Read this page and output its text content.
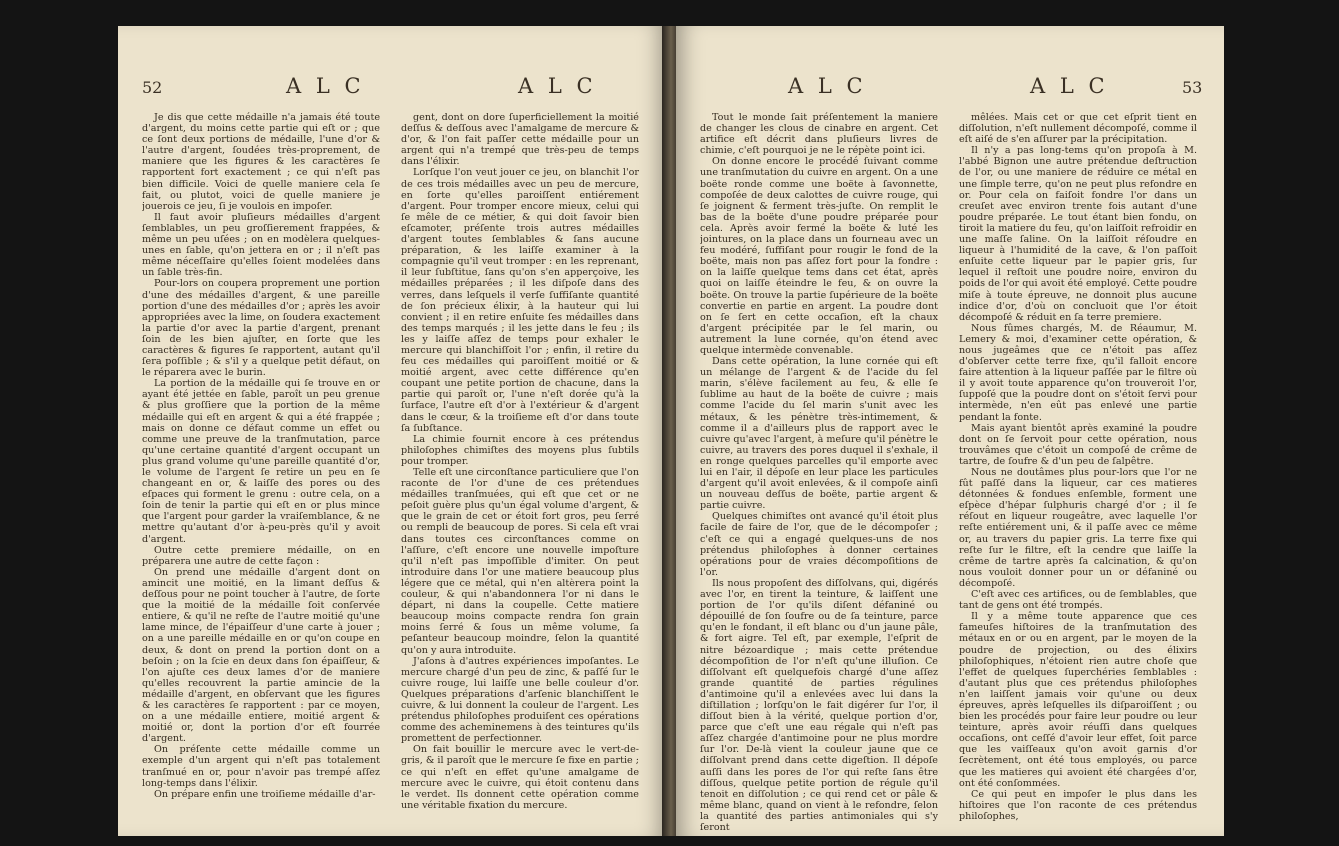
52	A L C	A L C

Je dis que cette médaille n'a jamais été toute d'argent, du moins cette partie qui eſt or ; que ce ſont deux portions de médaille, l'une d'or & l'autre d'argent, ſoudées très-proprement, de maniere que les figures & les caractères ſe rapportent fort exactement ; ce qui n'eſt pas bien difficile. Voici de quelle maniere cela ſe fait, ou plutot, voici de quelle maniere je jouerois ce jeu, ſi je voulois en impoſer.

Il faut avoir pluſieurs médailles d'argent ſemblables, un peu groſſierement frappées, & même un peu uſées ; on en modèlera quelques-unes en ſable, qu'on jettera en or ; il n'eſt pas même néceſſaire qu'elles ſoient modelées dans un ſable très-fin.

Pour-lors on coupera proprement une portion d'une des médailles d'argent, & une pareille portion d'une des médailles d'or ; après les avoir appropriées avec la lime, on ſoudera exactement la partie d'or avec la partie d'argent, prenant ſoin de les bien ajuſter, en ſorte que les caractères & figures ſe rapportent, autant qu'il ſera poſſible ; & s'il y a quelque petit défaut, on le réparera avec le burin.

La portion de la médaille qui ſe trouve en or ayant été jettée en ſable, paroît un peu grenue & plus groſſiere que la portion de la même médaille qui eſt en argent & qui a été frappée ; mais on donne ce défaut comme un effet ou comme une preuve de la tranſmutation, parce qu'une certaine quantité d'argent occupant un plus grand volume qu'une pareille quantité d'or, le volume de l'argent ſe retire un peu en ſe changeant en or, & laiſſe des pores ou des eſpaces qui forment le grenu : outre cela, on a ſoin de tenir la partie qui eſt en or plus mince que l'argent pour garder la vraiſemblance, & ne mettre qu'autant d'or à-peu-près qu'il y avoit d'argent.

Outre cette premiere médaille, on en préparera une autre de cette façon :

On prend une médaille d'argent dont on amincit une moitié, en la limant deſſus & deſſous pour ne point toucher à l'autre, de ſorte que la moitié de la médaille ſoit conſervée entiere, & qu'il ne reſte de l'autre moitié qu'une lame mince, de l'épaiſſeur d'une carte à jouer ; on a une pareille médaille en or qu'on coupe en deux, & dont on prend la portion dont on a beſoin ; on la ſcie en deux dans ſon épaiſſeur, & l'on ajuſte ces deux lames d'or de maniere qu'elles recouvrent la partie amincie de la médaille d'argent, en obſervant que les figures & les caractères ſe rapportent : par ce moyen, on a une médaille entiere, moitié argent & moitié or, dont la portion d'or eſt fourrée d'argent.

On préſente cette médaille comme un exemple d'un argent qui n'eſt pas totalement tranſmué en or, pour n'avoir pas trempé aſſez long-temps dans l'élixir.

On prépare enfin une troiſieme médaille d'ar-

gent, dont on dore ſuperficiellement la moitié deſſus & deſſous avec l'amalgame de mercure & d'or, & l'on fait paſſer cette médaille pour un argent qui n'a trempé que très-peu de temps dans l'élixir.

Lorſque l'on veut jouer ce jeu, on blanchit l'or de ces trois médailles avec un peu de mercure, en ſorte qu'elles paroiſſent entiérement d'argent. Pour tromper encore mieux, celui qui ſe mêle de ce métier, & qui doit ſavoir bien eſcamoter, préſente trois autres médailles d'argent toutes ſemblables & ſans aucune préparation, & les laiſſe examiner à la compagnie qu'il veut tromper : en les reprenant, il leur ſubſtitue, ſans qu'on s'en apperçoive, les médailles préparées ; il les diſpoſe dans des verres, dans leſquels il verſe ſuffiſante quantité de ſon précieux élixir, à la hauteur qui lui convient ; il en retire enſuite ſes médailles dans des temps marqués ; il les jette dans le feu ; ils les y laiſſe aſſez de temps pour exhaler le mercure qui blanchiſſoit l'or ; enfin, il retire du feu ces médailles qui paroiſſent moitié or & moitié argent, avec cette différence qu'en coupant une petite portion de chacune, dans la partie qui paroît or, l'une n'eſt dorée qu'à la ſurface, l'autre eſt d'or à l'extérieur & d'argent dans le cœur, & la troiſieme eſt d'or dans toute ſa ſubſtance.

La chimie fournit encore à ces prétendus philoſophes chimiſtes des moyens plus ſubtils pour tromper.

Telle eſt une circonſtance particuliere que l'on raconte de l'or d'une de ces prétendues médailles tranſmuées, qui eſt que cet or ne peſoit guère plus qu'un égal volume d'argent, & que le grain de cet or étoit fort gros, peu ſerré ou rempli de beaucoup de pores. Si cela eſt vrai dans toutes ces circonſtances comme on l'aſſure, c'eſt encore une nouvelle impoſture qu'il n'eſt pas impoſſible d'imiter. On peut introduire dans l'or une matiere beaucoup plus légere que ce métal, qui n'en altèrera point la couleur, & qui n'abandonnera l'or ni dans le départ, ni dans la coupelle. Cette matiere beaucoup moins compacte rendra ſon grain moins ſerré & ſous un même volume, ſa peſanteur beaucoup moindre, ſelon la quantité qu'on y aura introduite.

J'aſons à d'autres expériences impoſantes. Le mercure chargé d'un peu de zinc, & paſſé ſur le cuivre rouge, lui laiſſe une belle couleur d'or. Quelques préparations d'arſenic blanchiſſent le cuivre, & lui donnent la couleur de l'argent. Les prétendus philoſophes produiſent ces opérations comme des acheminemens à des teintures qu'ils promettent de perfectionner.

On fait bouillir le mercure avec le vert-de-gris, & il paroît que le mercure ſe fixe en partie ; ce qui n'eſt en effet qu'une amalgame de mercure avec le cuivre, qui étoit contenu dans le verdet. Ils donnent cette opération comme une véritable fixation du mercure.

A L C	A L C	53

Tout le monde ſait préſentement la maniere de changer les clous de cinabre en argent. Cet artifice eſt décrit dans pluſieurs livres de chimie, c'eſt pourquoi je ne le répète point ici.

On donne encore le procédé ſuivant comme une tranſmutation du cuivre en argent. On a une boëte ronde comme une boëte à ſavonnette, compoſée de deux calottes de cuivre rouge, qui ſe joignent & ferment très-juſte. On remplit le bas de la boëte d'une poudre préparée pour cela. Après avoir fermé la boëte & luté les jointures, on la place dans un fourneau avec un feu modéré, ſuffiſant pour rougir le fond de la boëte, mais non pas aſſez fort pour la fondre : on la laiſſe quelque tems dans cet état, après quoi on laiſſe éteindre le feu, & on ouvre la boëte. On trouve la partie ſupérieure de la boëte convertie en partie en argent. La poudre dont on ſe ſert en cette occaſion, eſt la chaux d'argent précipitée par le ſel marin, ou autrement la lune cornée, qu'on étend avec quelque intermède convenable.

Dans cette opération, la lune cornée qui eſt un mélange de l'argent & de l'acide du ſel marin, s'élève facilement au feu, & elle ſe ſublime au haut de la boëte de cuivre ; mais comme l'acide du ſel marin s'unit avec les métaux, & les pénètre très-intimement, & comme il a d'ailleurs plus de rapport avec le cuivre qu'avec l'argent, à meſure qu'il pénètre le cuivre, au travers des pores duquel il s'exhale, il en ronge quelques parcelles qu'il emporte avec lui en l'air, il dépoſe en leur place les particules d'argent qu'il avoit enlevées, & il compoſe ainſi un nouveau deſſus de boëte, partie argent & partie cuivre.

Quelques chimiſtes ont avancé qu'il étoit plus facile de faire de l'or, que de le décompoſer ; c'eſt ce qui a engagé quelques-uns de nos prétendus philoſophes à donner certaines opérations pour de vraies décompoſitions de l'or.

Ils nous propoſent des diſſolvans, qui, digérés avec l'or, en tirent la teinture, & laiſſent une portion de l'or qu'ils diſent défaniné ou dépouillé de ſon ſoufre ou de ſa teinture, parce qu'en le fondant, il eſt blanc ou d'un jaune pâle, & fort aigre. Tel eſt, par exemple, l'eſprit de nitre bézoardique ; mais cette prétendue décompoſition de l'or n'eſt qu'une illuſion. Ce diſſolvant eſt quelquefois chargé d'une aſſez grande quantité de parties régulines d'antimoine qu'il a enlevées avec lui dans la diſtillation ; lorſqu'on le fait digérer ſur l'or, il diſſout bien à la vérité, quelque portion d'or, parce que c'eſt une eau régale qui n'eſt pas aſſez chargée d'antimoine pour ne plus mordre ſur l'or. De-là vient la couleur jaune que ce diſſolvant prend dans cette digeſtion. Il dépoſe auſſi dans les pores de l'or qui reſte ſans être diſſous, quelque petite portion de régule qu'il tenoit en diſſolution ; ce qui rend cet or pâle & même blanc, quand on vient à le refondre, ſelon la quantité des parties antimoniales qui s'y ſeront

mêlées. Mais cet or que cet eſprit tient en diſſolution, n'eſt nullement décompoſé, comme il eſt aiſé de s'en aſſurer par la précipitation.

Il n'y a pas long-tems qu'on propoſa à M. l'abbé Bignon une autre prétendue deſtruction de l'or, ou une maniere de réduire ce métal en une ſimple terre, qu'on ne peut plus refondre en or. Pour cela on faiſoit fondre l'or dans un creuſet avec environ trente fois autant d'une poudre préparée. Le tout étant bien fondu, on tiroit la matiere du feu, qu'on laiſſoit refroidir en une maſſe ſaline. On la laiſſoit réſoudre en liqueur à l'humidité de la cave, & l'on paſſoit enſuite cette liqueur par le papier gris, ſur lequel il reſtoit une poudre noire, environ du poids de l'or qui avoit été employé. Cette poudre miſe à toute épreuve, ne donnoit plus aucune indice d'or, d'où on concluoit que l'or étoit décompoſé & réduit en ſa terre premiere.

Nous fûmes chargés, M. de Réaumur, M. Lemery & moi, d'examiner cette opération, & nous jugeâmes que ce n'étoit pas aſſez d'obſerver cette terre fixe, qu'il falloit encore faire attention à la liqueur paſſée par le filtre où il y avoit toute apparence qu'on trouveroit l'or, ſuppoſé que la poudre dont on s'étoit ſervi pour intermède, n'en eût pas enlevé une partie pendant la fonte.

Mais ayant bientôt après examiné la poudre dont on ſe ſervoit pour cette opération, nous trouvâmes que c'étoit un compoſé de crême de tartre, de ſoufre & d'un peu de ſalpêtre.

Nous ne doutâmes plus pour-lors que l'or ne fût paſſé dans la liqueur, car ces matieres détonnées & fondues enſemble, forment une eſpèce d'hépar ſulphuris chargé d'or ; il ſe réſout en liqueur rougeâtre, avec laquelle l'or reſte entiérement uni, & il paſſe avec ce même or, au travers du papier gris. La terre fixe qui reſte ſur le filtre, eſt la cendre que laiſſe la crême de tartre après ſa calcination, & qu'on nous vouloit donner pour un or défaniné ou décompoſé.

C'eſt avec ces artifices, ou de ſemblables, que tant de gens ont été trompés.

Il y a même toute apparence que ces fameuſes hiſtoires de la tranſmutation des métaux en or ou en argent, par le moyen de la poudre de projection, ou des élixirs philoſophiques, n'étoient rien autre choſe que l'effet de quelques ſuperchéries ſemblables : d'autant plus que ces prétendus philoſophes n'en laiſſent jamais voir qu'une ou deux épreuves, après leſquelles ils diſparoiſſent ; ou bien les procédés pour faire leur poudre ou leur teinture, après avoir réuſſi dans quelques occaſions, ont ceſſé d'avoir leur effet, ſoit parce que les vaiſſeaux qu'on avoit garnis d'or ſecrètement, ont été tous employés, ou parce que les matieres qui avoient été chargées d'or, ont été conſommées.

Ce qui peut en impoſer le plus dans les hiſtoires que l'on raconte de ces prétendus philoſophes,
